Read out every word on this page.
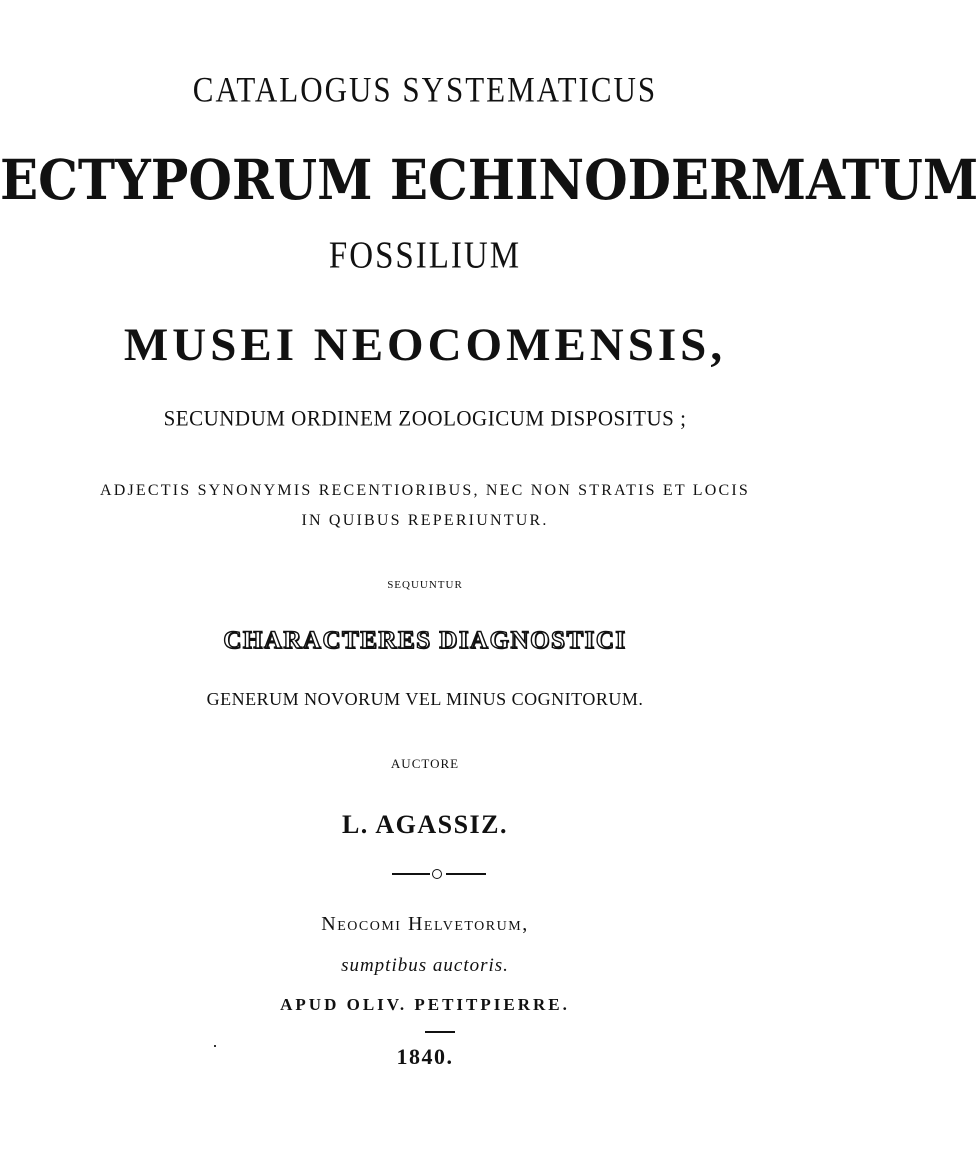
CATALOGUS SYSTEMATICUS
ECTYPORUM ECHINODERMATUM
FOSSILIUM
MUSEI NEOCOMENSIS,
SECUNDUM ORDINEM ZOOLOGICUM DISPOSITUS ;
ADJECTIS SYNONYMIS RECENTIORIBUS, NEC NON STRATIS ET LOCIS
IN QUIBUS REPERIUNTUR.
SEQUUNTUR
CHARACTERES DIAGNOSTICI
GENERUM NOVORUM VEL MINUS COGNITORUM.
AUCTORE
L. AGASSIZ.
Neocomi Helvetorum,
sumptibus auctoris.
APUD OLIV. PETITPIERRE.
1840.
